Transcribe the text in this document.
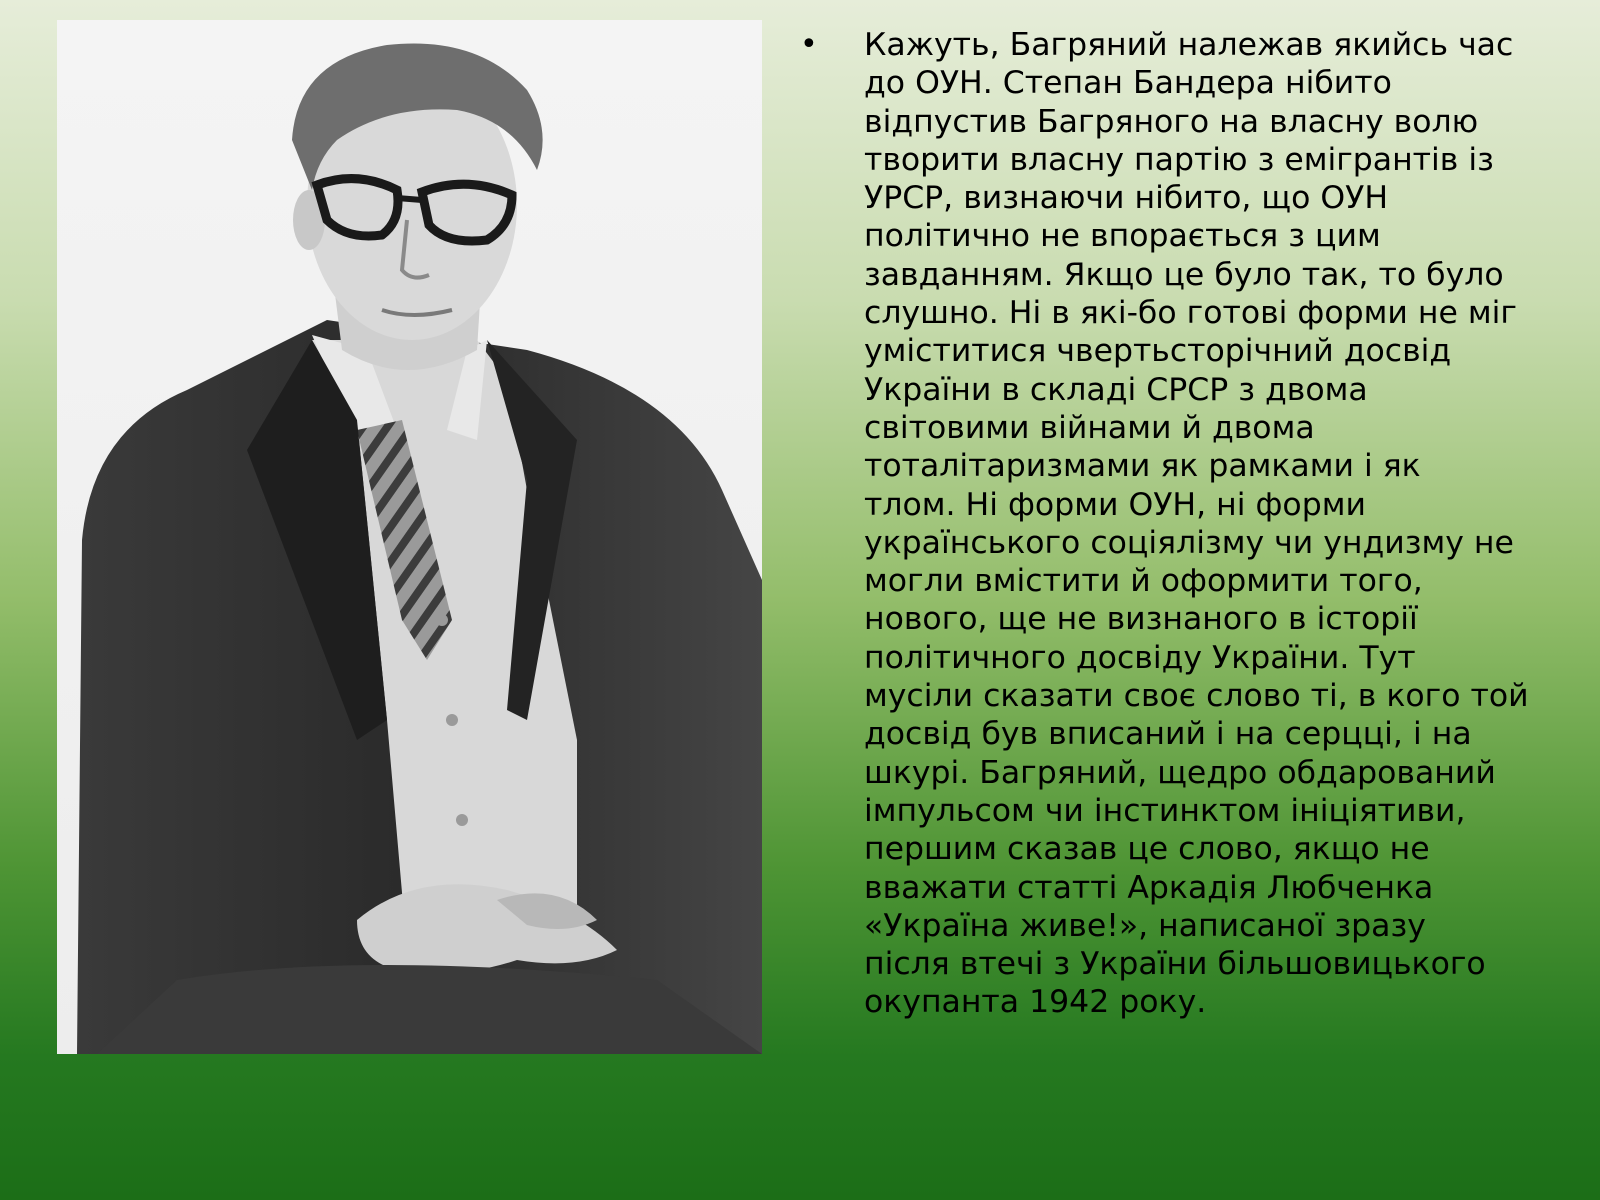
• Кажуть, Багряний належав якийсь час
до ОУН. Степан Бандера нібито
відпустив Багряного на власну волю
творити власну партію з емігрантів із
УРСР, визнаючи нібито, що ОУН
політично не впорається з цим
завданням. Якщо це було так, то було
слушно. Ні в які-бо готові форми не міг
уміститися чвертьсторічний досвід
України в складі СРСР з двома
світовими війнами й двома
тоталітаризмами як рамками і як
тлом. Ні форми ОУН, ні форми
українського соціялізму чи ундизму не
могли вмістити й оформити того,
нового, ще не визнаного в історії
політичного досвіду України. Тут
мусіли сказати своє слово ті, в кого той
досвід був вписаний і на серцці, і на
шкурі. Багряний, щедро обдарований
імпульсом чи інстинктом ініціятиви,
першим сказав це слово, якщо не
вважати статті Аркадія Любченка
«Україна живе!», написаної зразу
після втечі з України більшовицького
окупанта 1942 року.
